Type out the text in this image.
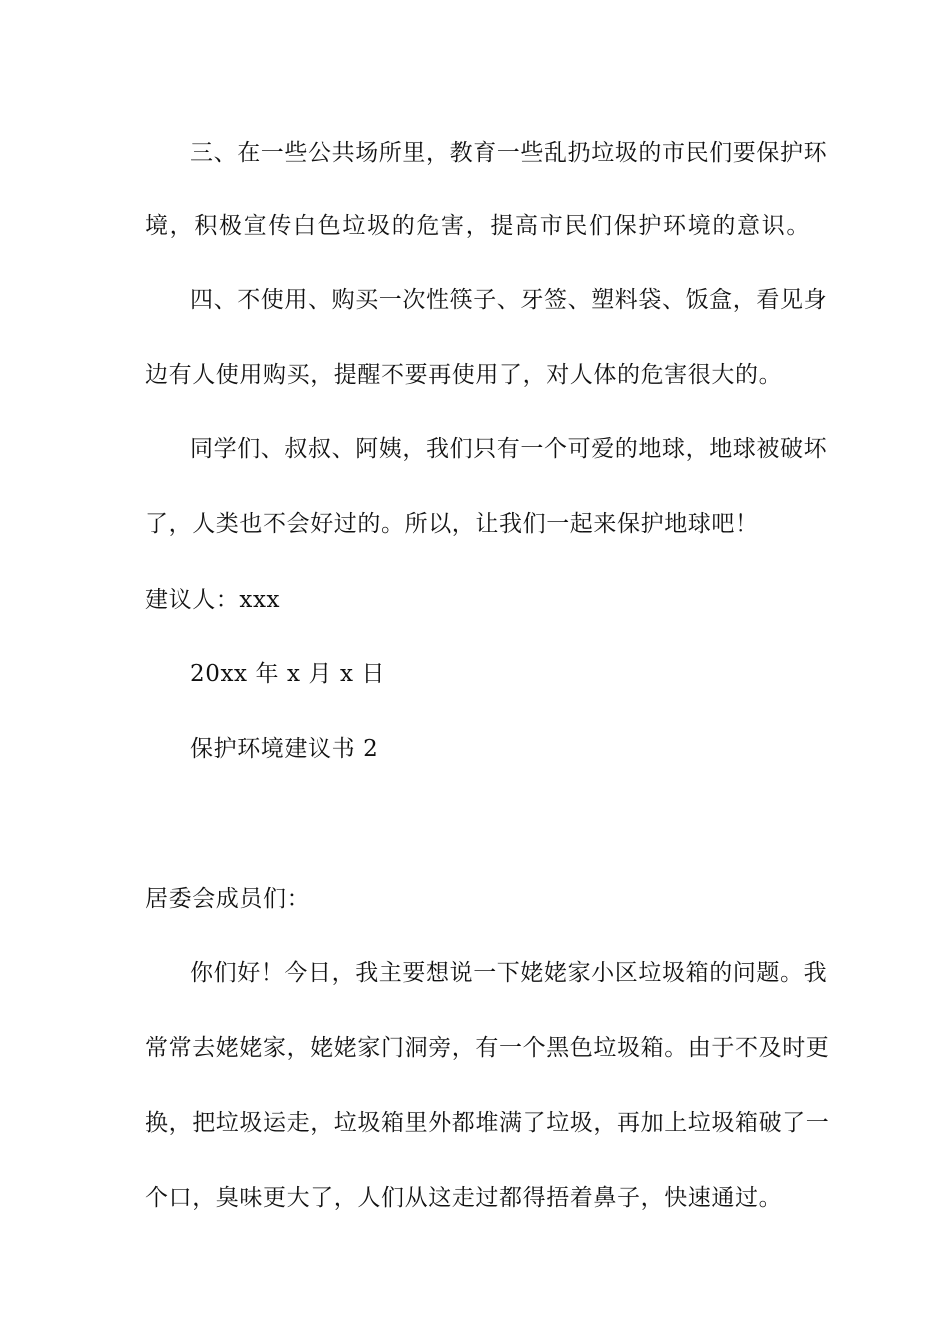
三、在一些公共场所里，教育一些乱扔垃圾的市民们要保护环
境，积极宣传白色垃圾的危害，提高市民们保护环境的意识。
四、不使用、购买一次性筷子、牙签、塑料袋、饭盒，看见身
边有人使用购买，提醒不要再使用了，对人体的危害很大的。
同学们、叔叔、阿姨，我们只有一个可爱的地球，地球被破坏
了，人类也不会好过的。所以，让我们一起来保护地球吧！
建议人：xxx
20xx 年 x 月 x 日
保护环境建议书 2
居委会成员们：
你们好！今日，我主要想说一下姥姥家小区垃圾箱的问题。我
常常去姥姥家，姥姥家门洞旁，有一个黑色垃圾箱。由于不及时更
换，把垃圾运走，垃圾箱里外都堆满了垃圾，再加上垃圾箱破了一
个口，臭味更大了，人们从这走过都得捂着鼻子，快速通过。
